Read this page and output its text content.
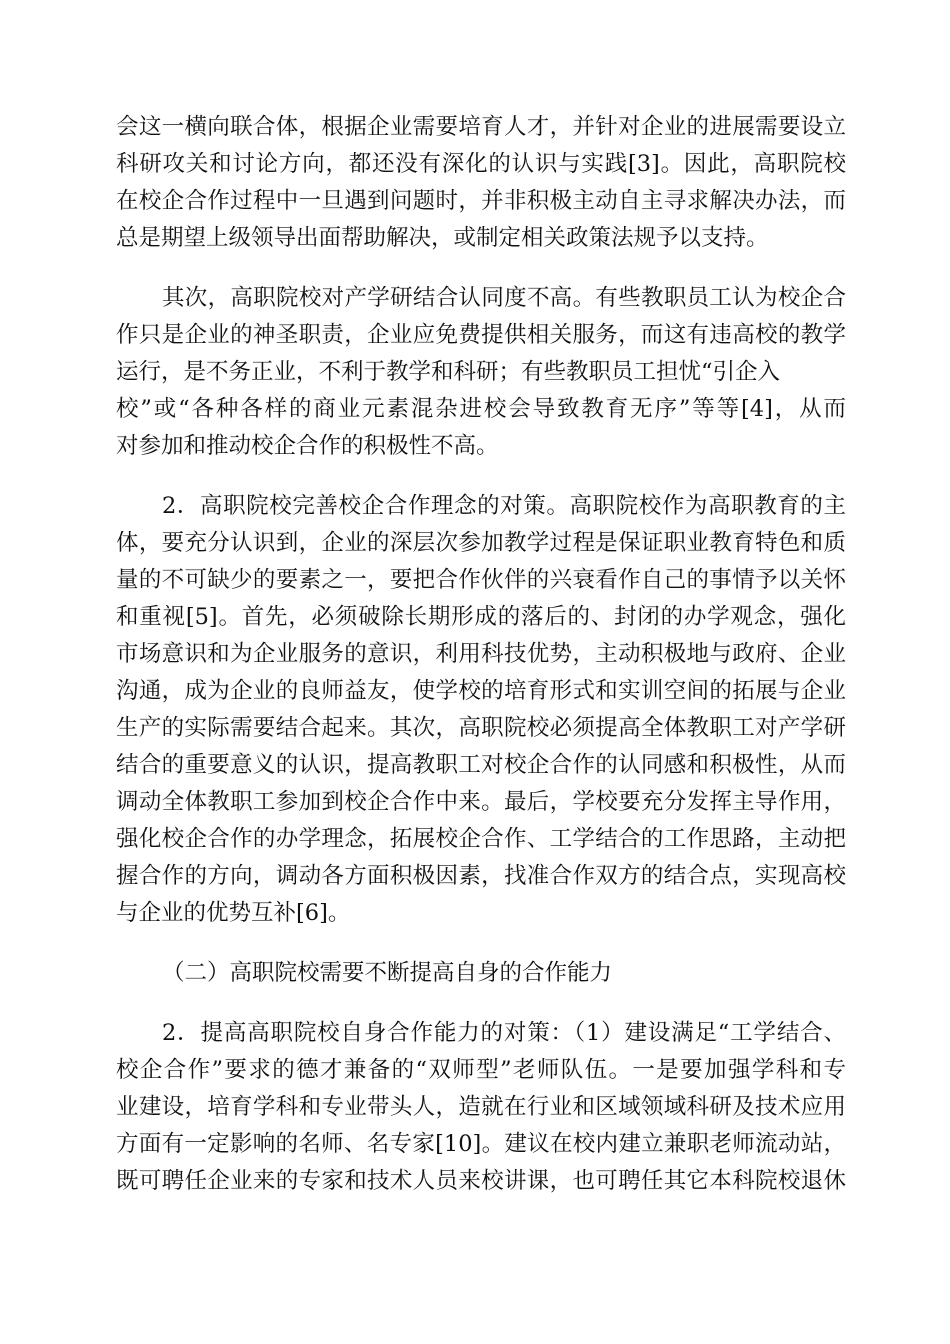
会这一横向联合体，根据企业需要培育人才，并针对企业的进展需要设立
科研攻关和讨论方向，都还没有深化的认识与实践[3]。因此，高职院校
在校企合作过程中一旦遇到问题时，并非积极主动自主寻求解决办法，而
总是期望上级领导出面帮助解决，或制定相关政策法规予以支持。
其次，高职院校对产学研结合认同度不高。有些教职员工认为校企合
作只是企业的神圣职责，企业应免费提供相关服务，而这有违高校的教学
运行，是不务正业，不利于教学和科研；有些教职员工担忧“引企入
校”或“各种各样的商业元素混杂进校会导致教育无序”等等[4]，从而
对参加和推动校企合作的积极性不高。
2．高职院校完善校企合作理念的对策。高职院校作为高职教育的主
体，要充分认识到，企业的深层次参加教学过程是保证职业教育特色和质
量的不可缺少的要素之一，要把合作伙伴的兴衰看作自己的事情予以关怀
和重视[5]。首先，必须破除长期形成的落后的、封闭的办学观念，强化
市场意识和为企业服务的意识，利用科技优势，主动积极地与政府、企业
沟通，成为企业的良师益友，使学校的培育形式和实训空间的拓展与企业
生产的实际需要结合起来。其次，高职院校必须提高全体教职工对产学研
结合的重要意义的认识，提高教职工对校企合作的认同感和积极性，从而
调动全体教职工参加到校企合作中来。最后，学校要充分发挥主导作用，
强化校企合作的办学理念，拓展校企合作、工学结合的工作思路，主动把
握合作的方向，调动各方面积极因素，找准合作双方的结合点，实现高校
与企业的优势互补[6]。
（二）高职院校需要不断提高自身的合作能力
2．提高高职院校自身合作能力的对策：（1）建设满足“工学结合、
校企合作”要求的德才兼备的“双师型”老师队伍。一是要加强学科和专
业建设，培育学科和专业带头人，造就在行业和区域领域科研及技术应用
方面有一定影响的名师、名专家[10]。建议在校内建立兼职老师流动站，
既可聘任企业来的专家和技术人员来校讲课，也可聘任其它本科院校退休
